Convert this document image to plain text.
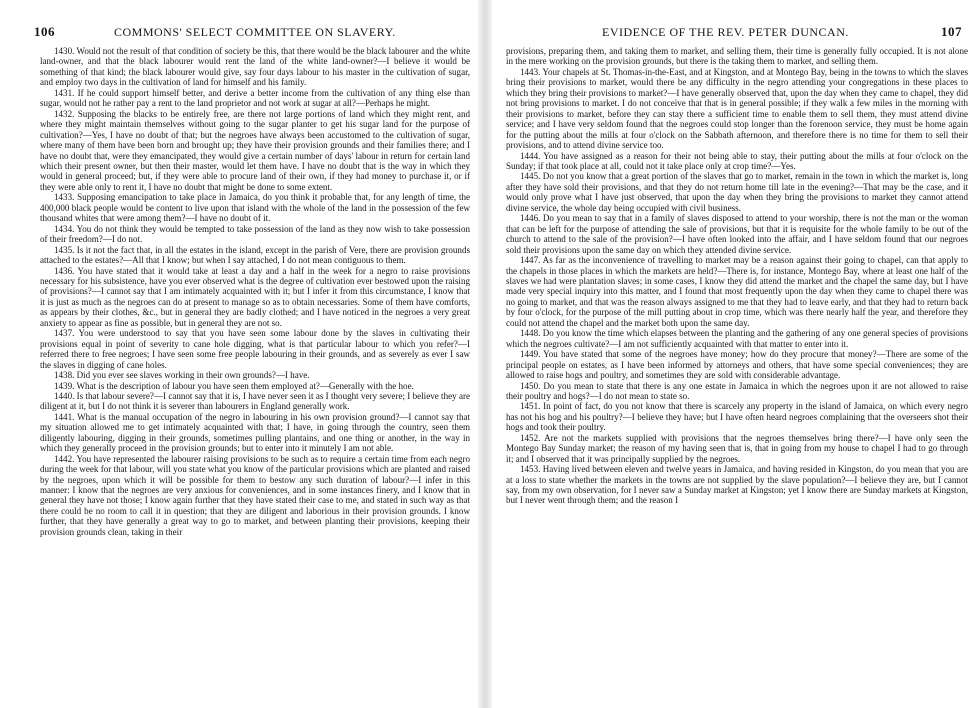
106	COMMONS' SELECT COMMITTEE ON SLAVERY.

1430. Would not the result of that condition of society be this, that there would be the black labourer and the white land-owner, and that the black labourer would rent the land of the white land-owner?—I believe it would be something of that kind; the black labourer would give, say four days labour to his master in the cultivation of sugar, and employ two days in the cultivation of land for himself and his family.

1431. If he could support himself better, and derive a better income from the cultivation of any thing else than sugar, would not he rather pay a rent to the land proprietor and not work at sugar at all?—Perhaps he might.

1432. Supposing the blacks to be entirely free, are there not large portions of land which they might rent, and where they might maintain themselves without going to the sugar planter to get his sugar land for the purpose of cultivation?—Yes, I have no doubt of that; but the negroes have always been accustomed to the cultivation of sugar, where many of them have been born and brought up; they have their provision grounds and their families there; and I have no doubt that, were they emancipated, they would give a certain number of days' labour in return for certain land which their present owner, but then their master, would let them have. I have no doubt that is the way in which they would in general proceed; but, if they were able to procure land of their own, if they had money to purchase it, or if they were able only to rent it, I have no doubt that might be done to some extent.

1433. Supposing emancipation to take place in Jamaica, do you think it probable that, for any length of time, the 400,000 black people would be content to live upon that island with the whole of the land in the possession of the few thousand whites that were among them?—I have no doubt of it.

1434. You do not think they would be tempted to take possession of the land as they now wish to take possession of their freedom?—I do not.

1435. Is it not the fact that, in all the estates in the island, except in the parish of Vere, there are provision grounds attached to the estates?—All that I know; but when I say attached, I do not mean contiguous to them.

1436. You have stated that it would take at least a day and a half in the week for a negro to raise provisions necessary for his subsistence, have you ever observed what is the degree of cultivation ever bestowed upon the raising of provisions?—I cannot say that I am intimately acquainted with it; but I infer it from this circumstance, I know that it is just as much as the negroes can do at present to manage so as to obtain necessaries. Some of them have comforts, as appears by their clothes, &c., but in general they are badly clothed; and I have noticed in the negroes a very great anxiety to appear as fine as possible, but in general they are not so.

1437. You were understood to say that you have seen some labour done by the slaves in cultivating their provisions equal in point of severity to cane hole digging, what is that particular labour to which you refer?—I referred there to free negroes; I have seen some free people labouring in their grounds, and as severely as ever I saw the slaves in digging of cane holes.

1438. Did you ever see slaves working in their own grounds?—I have.

1439. What is the description of labour you have seen them employed at?—Generally with the hoe.

1440. Is that labour severe?—I cannot say that it is, I have never seen it as I thought very severe; I believe they are diligent at it, but I do not think it is severer than labourers in England generally work.

1441. What is the manual occupation of the negro in labouring in his own provision ground?—I cannot say that my situation allowed me to get intimately acquainted with that; I have, in going through the country, seen them diligently labouring, digging in their grounds, sometimes pulling plantains, and one thing or another, in the way in which they generally proceed in the provision grounds; but to enter into it minutely I am not able.

1442. You have represented the labourer raising provisions to be such as to require a certain time from each negro during the week for that labour, will you state what you know of the particular provisions which are planted and raised by the negroes, upon which it will be possible for them to bestow any such duration of labour?—I infer in this manner: I know that the negroes are very anxious for conveniences, and in some instances finery, and I know that in general they have not those; I know again further that they have stated their case to me, and stated in such way as that there could be no room to call it in question; that they are diligent and laborious in their provision grounds. I know further, that they have generally a great way to go to market, and between planting their provisions, keeping their provision grounds clean, taking in their

EVIDENCE OF THE REV. PETER DUNCAN.	107

provisions, preparing them, and taking them to market, and selling them, their time is generally fully occupied. It is not alone in the mere working on the provision grounds, but there is the taking them to market, and selling them.

1443. Your chapels at St. Thomas-in-the-East, and at Kingston, and at Montego Bay, being in the towns to which the slaves bring their provisions to market, would there be any difficulty in the negro attending your congregations in these places to which they bring their provisions to market?—I have generally observed that, upon the day when they came to chapel, they did not bring provisions to market. I do not conceive that that is in general possible; if they walk a few miles in the morning with their provisions to market, before they can stay there a sufficient time to enable them to sell them, they must attend divine service; and I have very seldom found that the negroes could stop longer than the forenoon service, they must be home again for the putting about the mills at four o'clock on the Sabbath afternoon, and therefore there is no time for them to sell their provisions, and to attend divine service too.

1444. You have assigned as a reason for their not being able to stay, their putting about the mills at four o'clock on the Sunday; if that took place at all, could not it take place only at crop time?—Yes.

1445. Do not you know that a great portion of the slaves that go to market, remain in the town in which the market is, long after they have sold their provisions, and that they do not return home till late in the evening?—That may be the case, and it would only prove what I have just observed, that upon the day when they bring the provisions to market they cannot attend divine service, the whole day being occupied with civil business.

1446. Do you mean to say that in a family of slaves disposed to attend to your worship, there is not the man or the woman that can be left for the purpose of attending the sale of provisions, but that it is requisite for the whole family to be out of the church to attend to the sale of the provision?—I have often looked into the affair, and I have seldom found that our negroes sold their provisions upon the same day on which they attended divine service.

1447. As far as the inconvenience of travelling to market may be a reason against their going to chapel, can that apply to the chapels in those places in which the markets are held?—There is, for instance, Montego Bay, where at least one half of the slaves we had were plantation slaves; in some cases, I know they did attend the market and the chapel the same day, but I have made very special inquiry into this matter, and I found that most frequently upon the day when they came to chapel there was no going to market, and that was the reason always assigned to me that they had to leave early, and that they had to return back by four o'clock, for the purpose of the mill putting about in crop time, which was there nearly half the year, and therefore they could not attend the chapel and the market both upon the same day.

1448. Do you know the time which elapses between the planting and the gathering of any one general species of provisions which the negroes cultivate?—I am not sufficiently acquainted with that matter to enter into it.

1449. You have stated that some of the negroes have money; how do they procure that money?—There are some of the principal people on estates, as I have been informed by attorneys and others, that have some special conveniences; they are allowed to raise hogs and poultry, and sometimes they are sold with considerable advantage.

1450. Do you mean to state that there is any one estate in Jamaica in which the negroes upon it are not allowed to raise their poultry and hogs?—I do not mean to state so.

1451. In point of fact, do you not know that there is scarcely any property in the island of Jamaica, on which every negro has not his hog and his poultry?—I believe they have; but I have often heard negroes complaining that the overseers shot their hogs and took their poultry.

1452. Are not the markets supplied with provisions that the negroes themselves bring there?—I have only seen the Montego Bay Sunday market; the reason of my having seen that is, that in going from my house to chapel I had to go through it; and I observed that it was principally supplied by the negroes.

1453. Having lived between eleven and twelve years in Jamaica, and having resided in Kingston, do you mean that you are at a loss to state whether the markets in the towns are not supplied by the slave population?—I believe they are, but I cannot say, from my own observation, for I never saw a Sunday market at Kingston; yet I know there are Sunday markets at Kingston, but I never went through them; and the reason I
